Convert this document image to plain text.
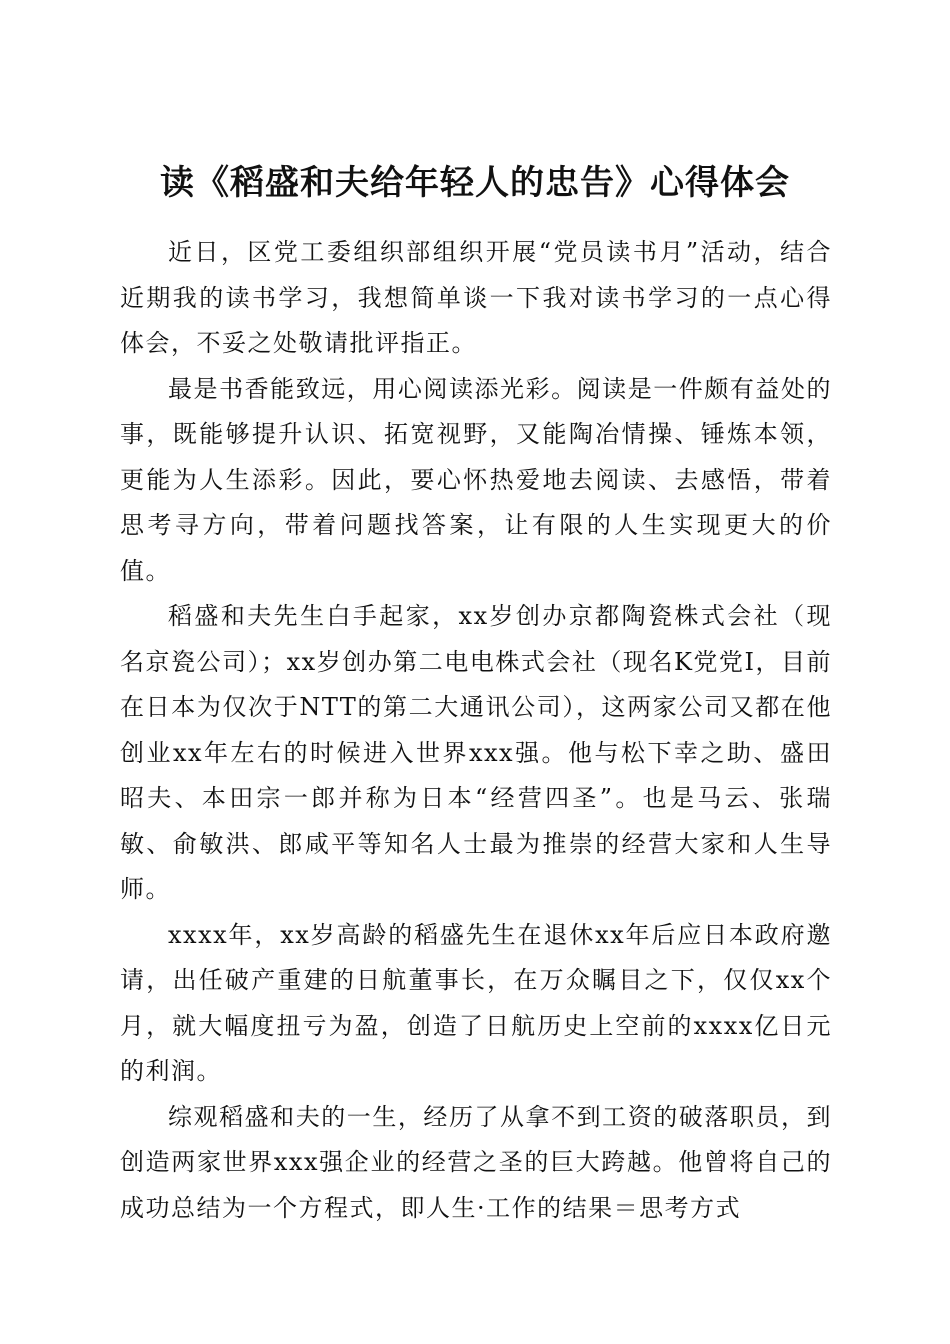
读《稻盛和夫给年轻人的忠告》心得体会

近日，区党工委组织部组织开展“党员读书月”活动，结合近期我的读书学习，我想简单谈一下我对读书学习的一点心得体会，不妥之处敬请批评指正。

最是书香能致远，用心阅读添光彩。阅读是一件颇有益处的事，既能够提升认识、拓宽视野，又能陶冶情操、锤炼本领，更能为人生添彩。因此，要心怀热爱地去阅读、去感悟，带着思考寻方向，带着问题找答案，让有限的人生实现更大的价值。

稻盛和夫先生白手起家，xx岁创办京都陶瓷株式会社（现名京瓷公司）；xx岁创办第二电电株式会社（现名K党党I，目前在日本为仅次于NTT的第二大通讯公司），这两家公司又都在他创业xx年左右的时候进入世界xxx强。他与松下幸之助、盛田昭夫、本田宗一郎并称为日本“经营四圣”。也是马云、张瑞敏、俞敏洪、郎咸平等知名人士最为推崇的经营大家和人生导师。

xxxx年，xx岁高龄的稻盛先生在退休xx年后应日本政府邀请，出任破产重建的日航董事长，在万众瞩目之下，仅仅xx个月，就大幅度扭亏为盈，创造了日航历史上空前的xxxx亿日元的利润。

综观稻盛和夫的一生，经历了从拿不到工资的破落职员，到创造两家世界xxx强企业的经营之圣的巨大跨越。他曾将自己的成功总结为一个方程式，即人生·工作的结果＝思考方式
